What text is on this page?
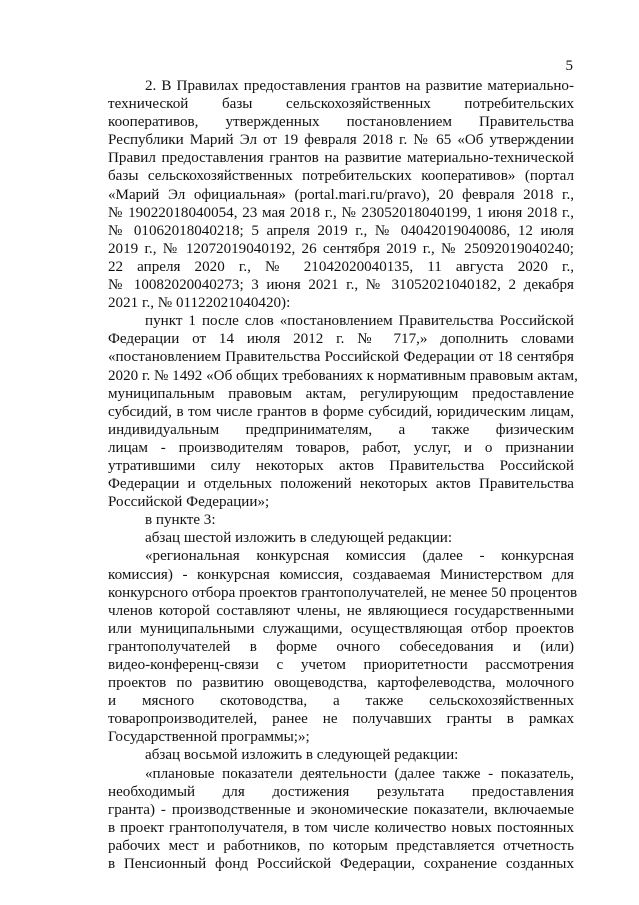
5
2. В Правилах предоставления грантов на развитие материально-
технической базы сельскохозяйственных потребительских
кооперативов, утвержденных постановлением Правительства
Республики Марий Эл от 19 февраля 2018 г. № 65 «Об утверждении
Правил предоставления грантов на развитие материально-технической
базы сельскохозяйственных потребительских кооперативов» (портал
«Марий Эл официальная» (portal.mari.ru/pravo), 20 февраля 2018 г.,
№ 19022018040054, 23 мая 2018 г., № 23052018040199, 1 июня 2018 г.,
№ 01062018040218; 5 апреля 2019 г., № 04042019040086, 12 июля
2019 г., № 12072019040192, 26 сентября 2019 г., № 25092019040240;
22 апреля 2020 г., № 21042020040135, 11 августа 2020 г.,
№ 10082020040273; 3 июня 2021 г., № 31052021040182, 2 декабря
2021 г., № 01122021040420):
пункт 1 после слов «постановлением Правительства Российской
Федерации от 14 июля 2012 г. № 717,» дополнить словами
«постановлением Правительства Российской Федерации от 18 сентября
2020 г. № 1492 «Об общих требованиях к нормативным правовым актам,
муниципальным правовым актам, регулирующим предоставление
субсидий, в том числе грантов в форме субсидий, юридическим лицам,
индивидуальным предпринимателям, а также физическим
лицам - производителям товаров, работ, услуг, и о признании
утратившими силу некоторых актов Правительства Российской
Федерации и отдельных положений некоторых актов Правительства
Российской Федерации»;
в пункте 3:
абзац шестой изложить в следующей редакции:
«региональная конкурсная комиссия (далее - конкурсная
комиссия) - конкурсная комиссия, создаваемая Министерством для
конкурсного отбора проектов грантополучателей, не менее 50 процентов
членов которой составляют члены, не являющиеся государственными
или муниципальными служащими, осуществляющая отбор проектов
грантополучателей в форме очного собеседования и (или)
видео-конференц-связи с учетом приоритетности рассмотрения
проектов по развитию овощеводства, картофелеводства, молочного
и мясного скотоводства, а также сельскохозяйственных
товаропроизводителей, ранее не получавших гранты в рамках
Государственной программы;»;
абзац восьмой изложить в следующей редакции:
«плановые показатели деятельности (далее также - показатель,
необходимый для достижения результата предоставления
гранта) - производственные и экономические показатели, включаемые
в проект грантополучателя, в том числе количество новых постоянных
рабочих мест и работников, по которым представляется отчетность
в Пенсионный фонд Российской Федерации, сохранение созданных
